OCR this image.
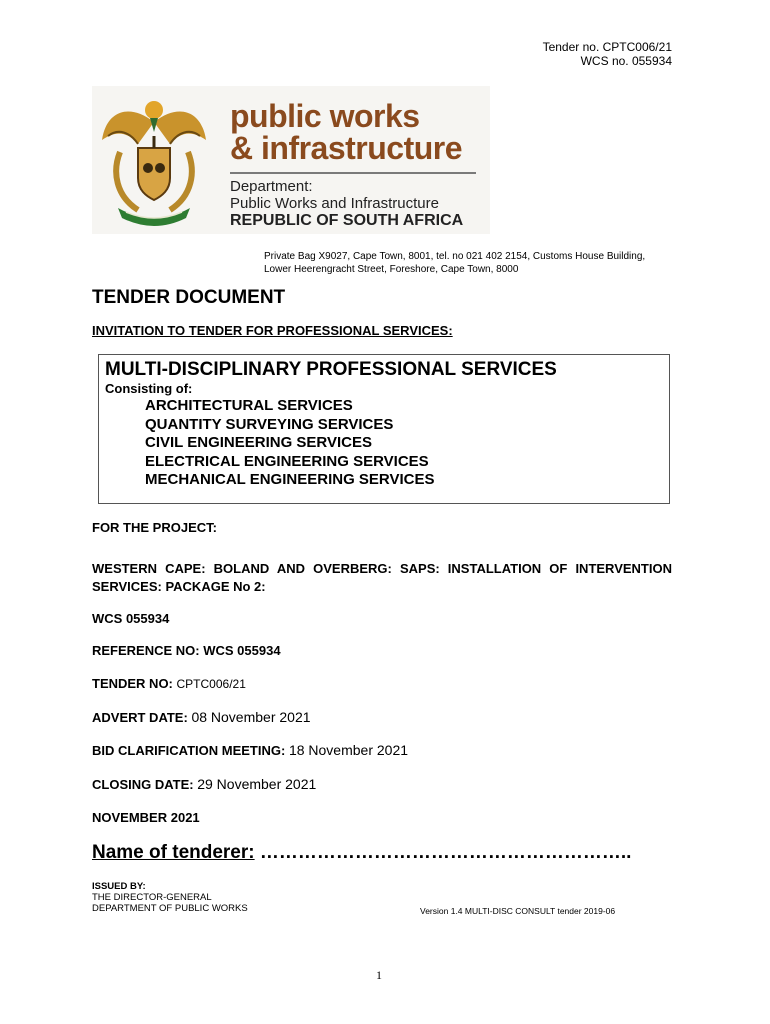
Tender no. CPTC006/21
WCS no. 055934
public works
& infrastructure
Department:
Public Works and Infrastructure
REPUBLIC OF SOUTH AFRICA
Private Bag X9027, Cape Town, 8001, tel. no 021 402 2154, Customs House Building,
Lower Heerengracht Street, Foreshore, Cape Town, 8000
TENDER DOCUMENT
INVITATION TO TENDER FOR PROFESSIONAL SERVICES:
MULTI-DISCIPLINARY PROFESSIONAL SERVICES
Consisting of:
ARCHITECTURAL SERVICES
QUANTITY SURVEYING SERVICES
CIVIL ENGINEERING SERVICES
ELECTRICAL ENGINEERING SERVICES
MECHANICAL ENGINEERING SERVICES
FOR THE PROJECT:
WESTERN CAPE: BOLAND AND OVERBERG: SAPS: INSTALLATION OF INTERVENTION SERVICES: PACKAGE No 2:
WCS 055934
REFERENCE NO: WCS 055934
TENDER NO: CPTC006/21
ADVERT DATE: 08 November 2021
BID CLARIFICATION MEETING: 18 November 2021
CLOSING DATE: 29 November 2021
NOVEMBER 2021
Name of tenderer: …………………………………………………..
ISSUED BY:
THE DIRECTOR-GENERAL
DEPARTMENT OF PUBLIC WORKS	Version 1.4 MULTI-DISC CONSULT tender 2019-06
1
